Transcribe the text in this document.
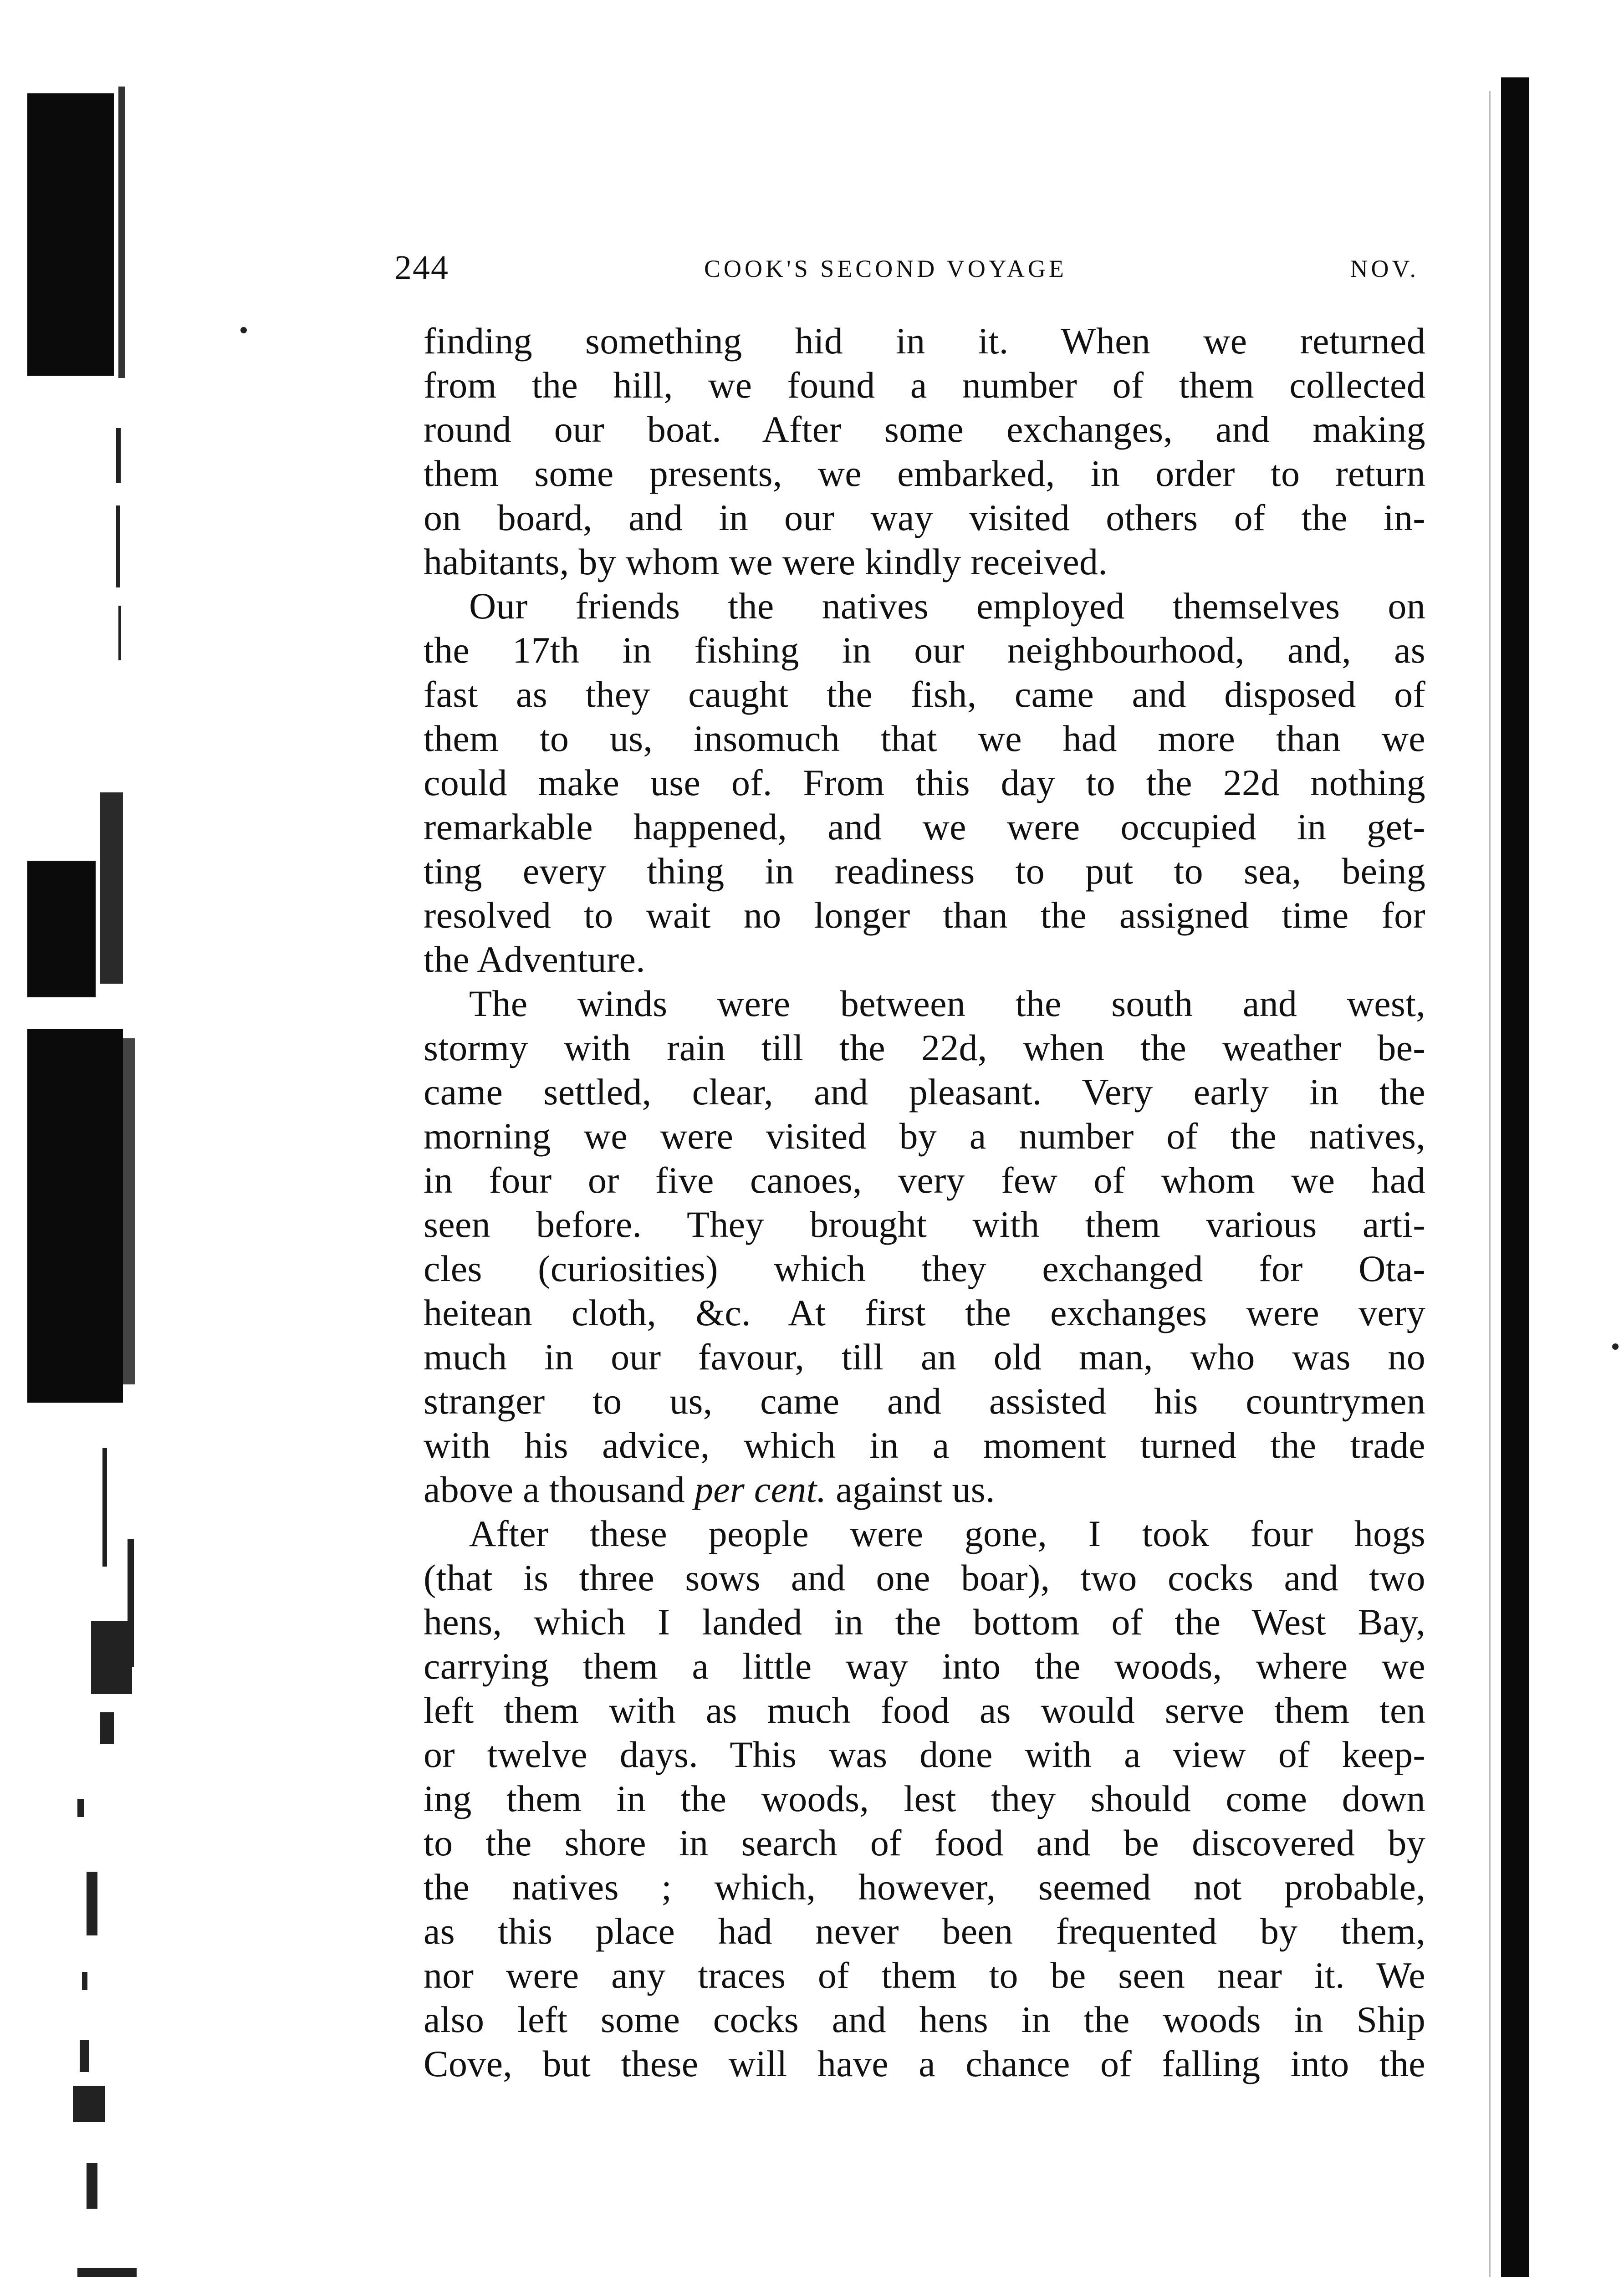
244	COOK'S SECOND VOYAGE	NOV.
finding something hid in it. When we returned
from the hill, we found a number of them collected
round our boat. After some exchanges, and making
them some presents, we embarked, in order to return
on board, and in our way visited others of the in-
habitants, by whom we were kindly received.
Our friends the natives employed themselves on
the 17th in fishing in our neighbourhood, and, as
fast as they caught the fish, came and disposed of
them to us, insomuch that we had more than we
could make use of. From this day to the 22d nothing
remarkable happened, and we were occupied in get-
ting every thing in readiness to put to sea, being
resolved to wait no longer than the assigned time for
the Adventure.
The winds were between the south and west,
stormy with rain till the 22d, when the weather be-
came settled, clear, and pleasant. Very early in the
morning we were visited by a number of the natives,
in four or five canoes, very few of whom we had
seen before. They brought with them various arti-
cles (curiosities) which they exchanged for Ota-
heitean cloth, &c. At first the exchanges were very
much in our favour, till an old man, who was no
stranger to us, came and assisted his countrymen
with his advice, which in a moment turned the trade
above a thousand per cent. against us.
After these people were gone, I took four hogs
(that is three sows and one boar), two cocks and two
hens, which I landed in the bottom of the West Bay,
carrying them a little way into the woods, where we
left them with as much food as would serve them ten
or twelve days. This was done with a view of keep-
ing them in the woods, lest they should come down
to the shore in search of food and be discovered by
the natives ; which, however, seemed not probable,
as this place had never been frequented by them,
nor were any traces of them to be seen near it. We
also left some cocks and hens in the woods in Ship
Cove, but these will have a chance of falling into the
